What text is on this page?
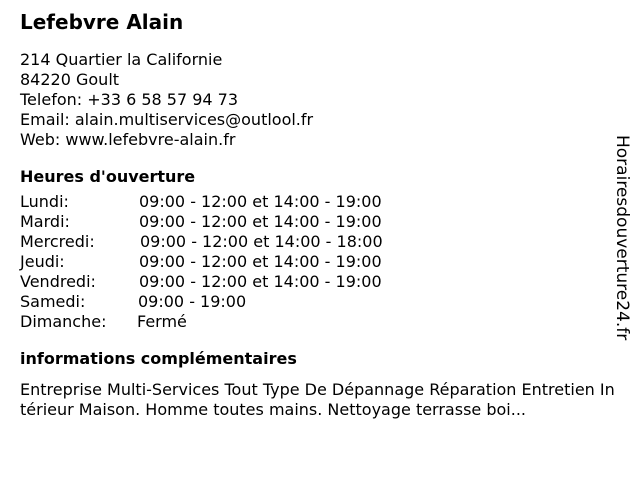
Lefebvre Alain
214 Quartier la Californie
84220 Goult
Telefon: +33 6 58 57 94 73
Email: alain.multiservices@outlool.fr
Web: www.lefebvre-alain.fr
Heures d'ouverture
Lundi:	09:00 - 12:00 et 14:00 - 19:00
Mardi:	09:00 - 12:00 et 14:00 - 19:00
Mercredi:	09:00 - 12:00 et 14:00 - 18:00
Jeudi:	09:00 - 12:00 et 14:00 - 19:00
Vendredi:	09:00 - 12:00 et 14:00 - 19:00
Samedi:	09:00 - 19:00
Dimanche: Fermé
informations complémentaires
Entreprise Multi-Services Tout Type De Dépannage Réparation Entretien Intérieur Maison. Homme toutes mains. Nettoyage terrasse boi...
Horairesdouverture24.fr
